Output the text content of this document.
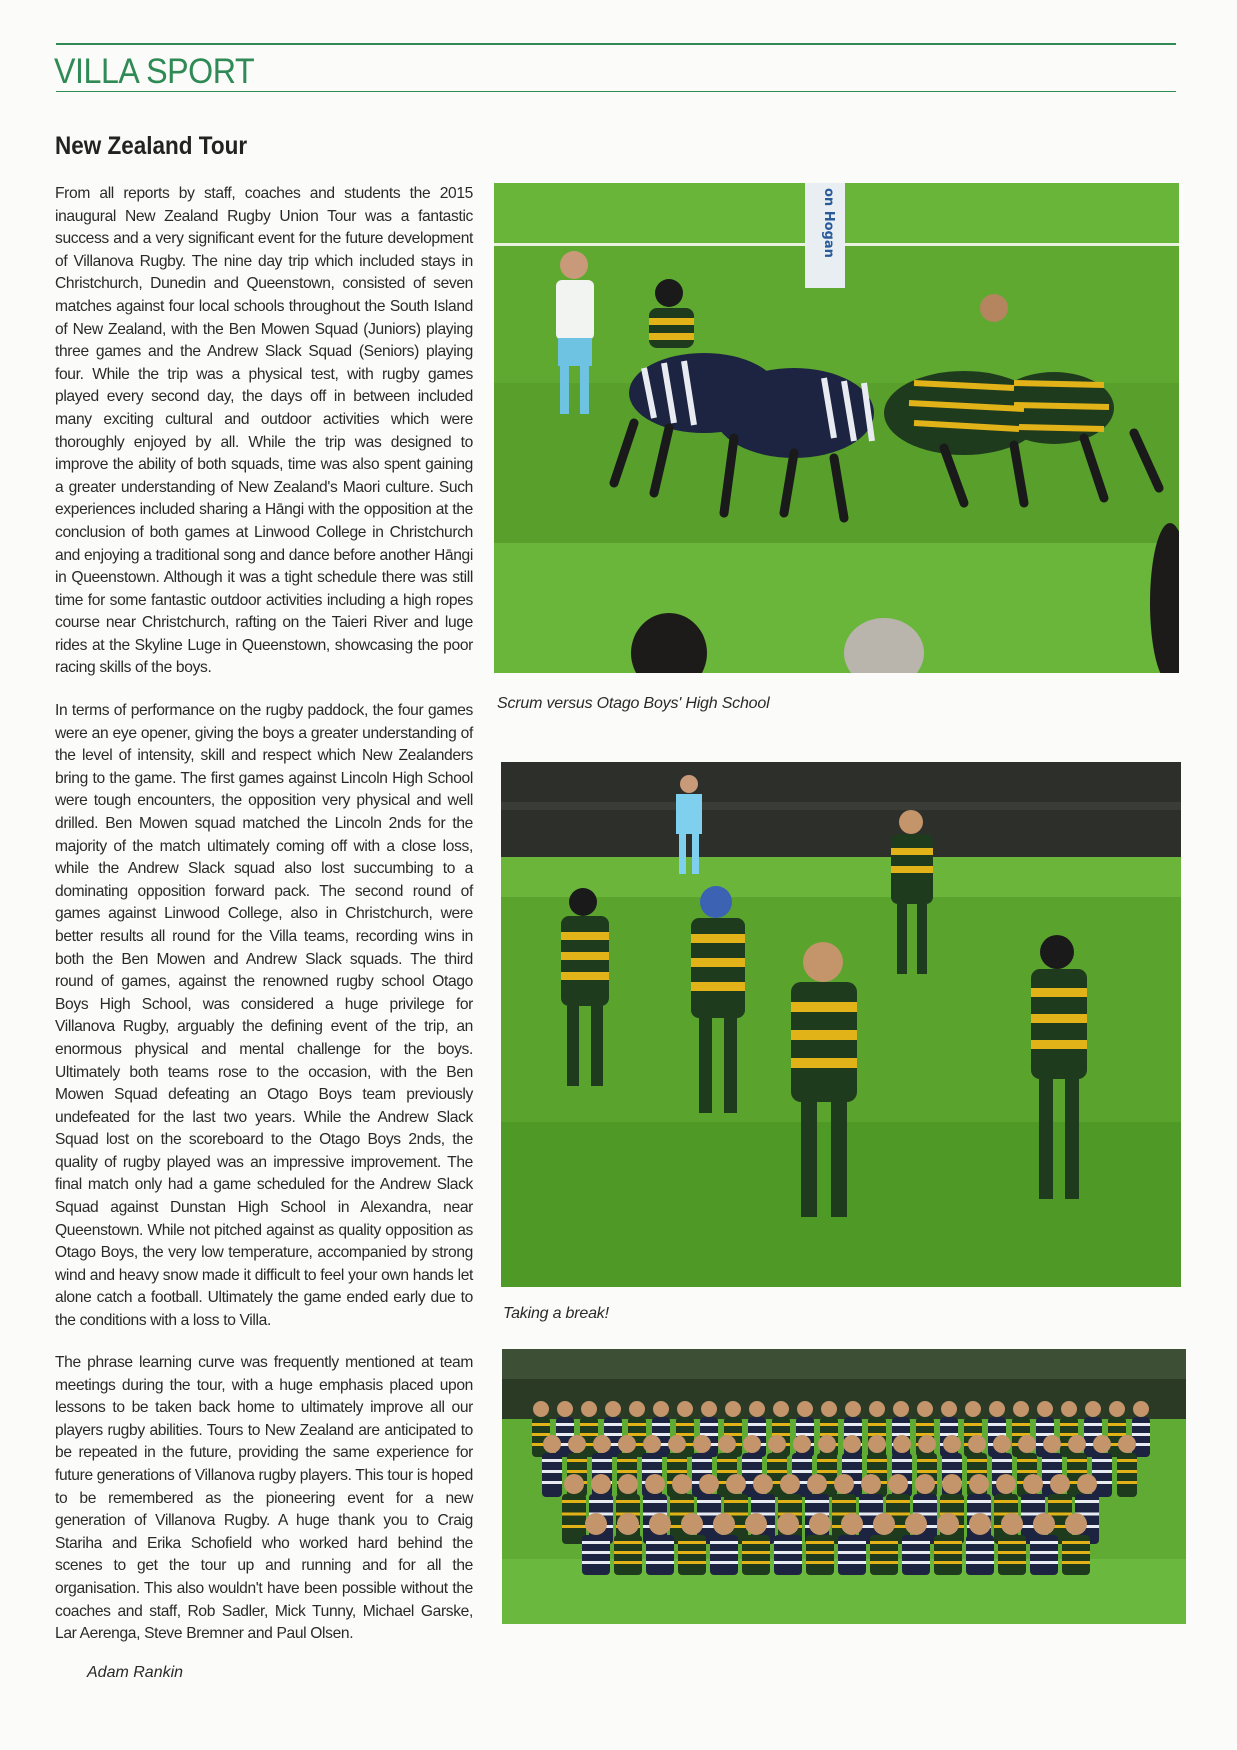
VILLA SPORT
New Zealand Tour

From all reports by staff, coaches and students the 2015 inaugural New Zealand Rugby Union Tour was a fantastic success and a very significant event for the future development of Villanova Rugby. The nine day trip which included stays in Christchurch, Dunedin and Queenstown, consisted of seven matches against four local schools throughout the South Island of New Zealand, with the Ben Mowen Squad (Juniors) playing three games and the Andrew Slack Squad (Seniors) playing four. While the trip was a physical test, with rugby games played every second day, the days off in between included many exciting cultural and outdoor activities which were thoroughly enjoyed by all. While the trip was designed to improve the ability of both squads, time was also spent gaining a greater understanding of New Zealand's Maori culture. Such experiences included sharing a Hāngi with the opposition at the conclusion of both games at Linwood College in Christchurch and enjoying a traditional song and dance before another Hāngi in Queenstown. Although it was a tight schedule there was still time for some fantastic outdoor activities including a high ropes course near Christchurch, rafting on the Taieri River and luge rides at the Skyline Luge in Queenstown, showcasing the poor racing skills of the boys.

In terms of performance on the rugby paddock, the four games were an eye opener, giving the boys a greater understanding of the level of intensity, skill and respect which New Zealanders bring to the game. The first games against Lincoln High School were tough encounters, the opposition very physical and well drilled. Ben Mowen squad matched the Lincoln 2nds for the majority of the match ultimately coming off with a close loss, while the Andrew Slack squad also lost succumbing to a dominating opposition forward pack. The second round of games against Linwood College, also in Christchurch, were better results all round for the Villa teams, recording wins in both the Ben Mowen and Andrew Slack squads. The third round of games, against the renowned rugby school Otago Boys High School, was considered a huge privilege for Villanova Rugby, arguably the defining event of the trip, an enormous physical and mental challenge for the boys. Ultimately both teams rose to the occasion, with the Ben Mowen Squad defeating an Otago Boys team previously undefeated for the last two years. While the Andrew Slack Squad lost on the scoreboard to the Otago Boys 2nds, the quality of rugby played was an impressive improvement. The final match only had a game scheduled for the Andrew Slack Squad against Dunstan High School in Alexandra, near Queenstown. While not pitched against as quality opposition as Otago Boys, the very low temperature, accompanied by strong wind and heavy snow made it difficult to feel your own hands let alone catch a football. Ultimately the game ended early due to the conditions with a loss to Villa.

The phrase learning curve was frequently mentioned at team meetings during the tour, with a huge emphasis placed upon lessons to be taken back home to ultimately improve all our players rugby abilities. Tours to New Zealand are anticipated to be repeated in the future, providing the same experience for future generations of Villanova rugby players. This tour is hoped to be remembered as the pioneering event for a new generation of Villanova Rugby. A huge thank you to Craig Stariha and Erika Schofield who worked hard behind the scenes to get the tour up and running and for all the organisation. This also wouldn't have been possible without the coaches and staff, Rob Sadler, Mick Tunny, Michael Garske, Lar Aerenga, Steve Bremner and Paul Olsen.

Adam Rankin
on Hogan
Scrum versus Otago Boys' High School
Taking a break!
